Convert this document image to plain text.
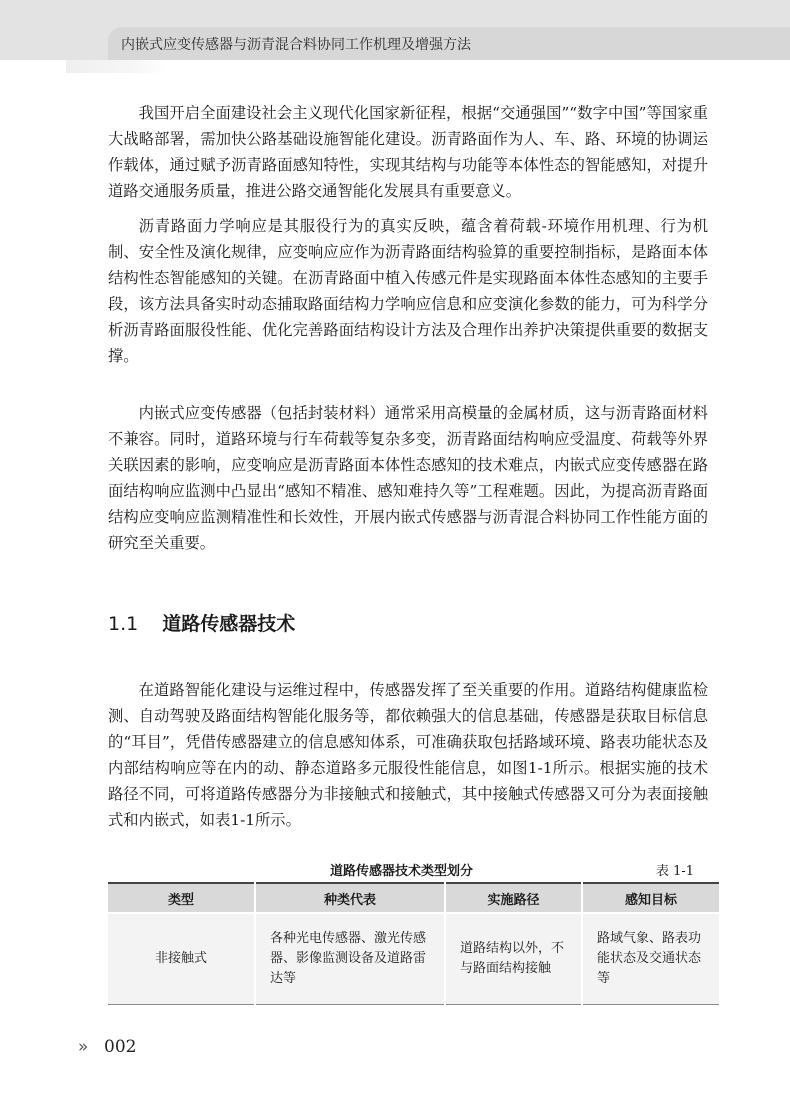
内嵌式应变传感器与沥青混合料协同工作机理及增强方法

我国开启全面建设社会主义现代化国家新征程，根据“交通强国”“数字中国”等国家重大战略部署，需加快公路基础设施智能化建设。沥青路面作为人、车、路、环境的协调运作载体，通过赋予沥青路面感知特性，实现其结构与功能等本体性态的智能感知，对提升道路交通服务质量，推进公路交通智能化发展具有重要意义。

沥青路面力学响应是其服役行为的真实反映，蕴含着荷载-环境作用机理、行为机制、安全性及演化规律，应变响应应作为沥青路面结构验算的重要控制指标，是路面本体结构性态智能感知的关键。在沥青路面中植入传感元件是实现路面本体性态感知的主要手段，该方法具备实时动态捕取路面结构力学响应信息和应变演化参数的能力，可为科学分析沥青路面服役性能、优化完善路面结构设计方法及合理作出养护决策提供重要的数据支撑。

内嵌式应变传感器（包括封装材料）通常采用高模量的金属材质，这与沥青路面材料不兼容。同时，道路环境与行车荷载等复杂多变，沥青路面结构响应受温度、荷载等外界关联因素的影响，应变响应是沥青路面本体性态感知的技术难点，内嵌式应变传感器在路面结构响应监测中凸显出“感知不精准、感知难持久等”工程难题。因此，为提高沥青路面结构应变响应监测精准性和长效性，开展内嵌式传感器与沥青混合料协同工作性能方面的研究至关重要。

1.1 道路传感器技术

在道路智能化建设与运维过程中，传感器发挥了至关重要的作用。道路结构健康监检测、自动驾驶及路面结构智能化服务等，都依赖强大的信息基础，传感器是获取目标信息的“耳目”，凭借传感器建立的信息感知体系，可准确获取包括路域环境、路表功能状态及内部结构响应等在内的动、静态道路多元服役性能信息，如图1-1所示。根据实施的技术路径不同，可将道路传感器分为非接触式和接触式，其中接触式传感器又可分为表面接触式和内嵌式，如表1-1所示。

道路传感器技术类型划分	表 1-1
类型	种类代表	实施路径	感知目标
非接触式	各种光电传感器、激光传感器、影像监测设备及道路雷达等	道路结构以外，不与路面结构接触	路域气象、路表功能状态及交通状态等
» 002
